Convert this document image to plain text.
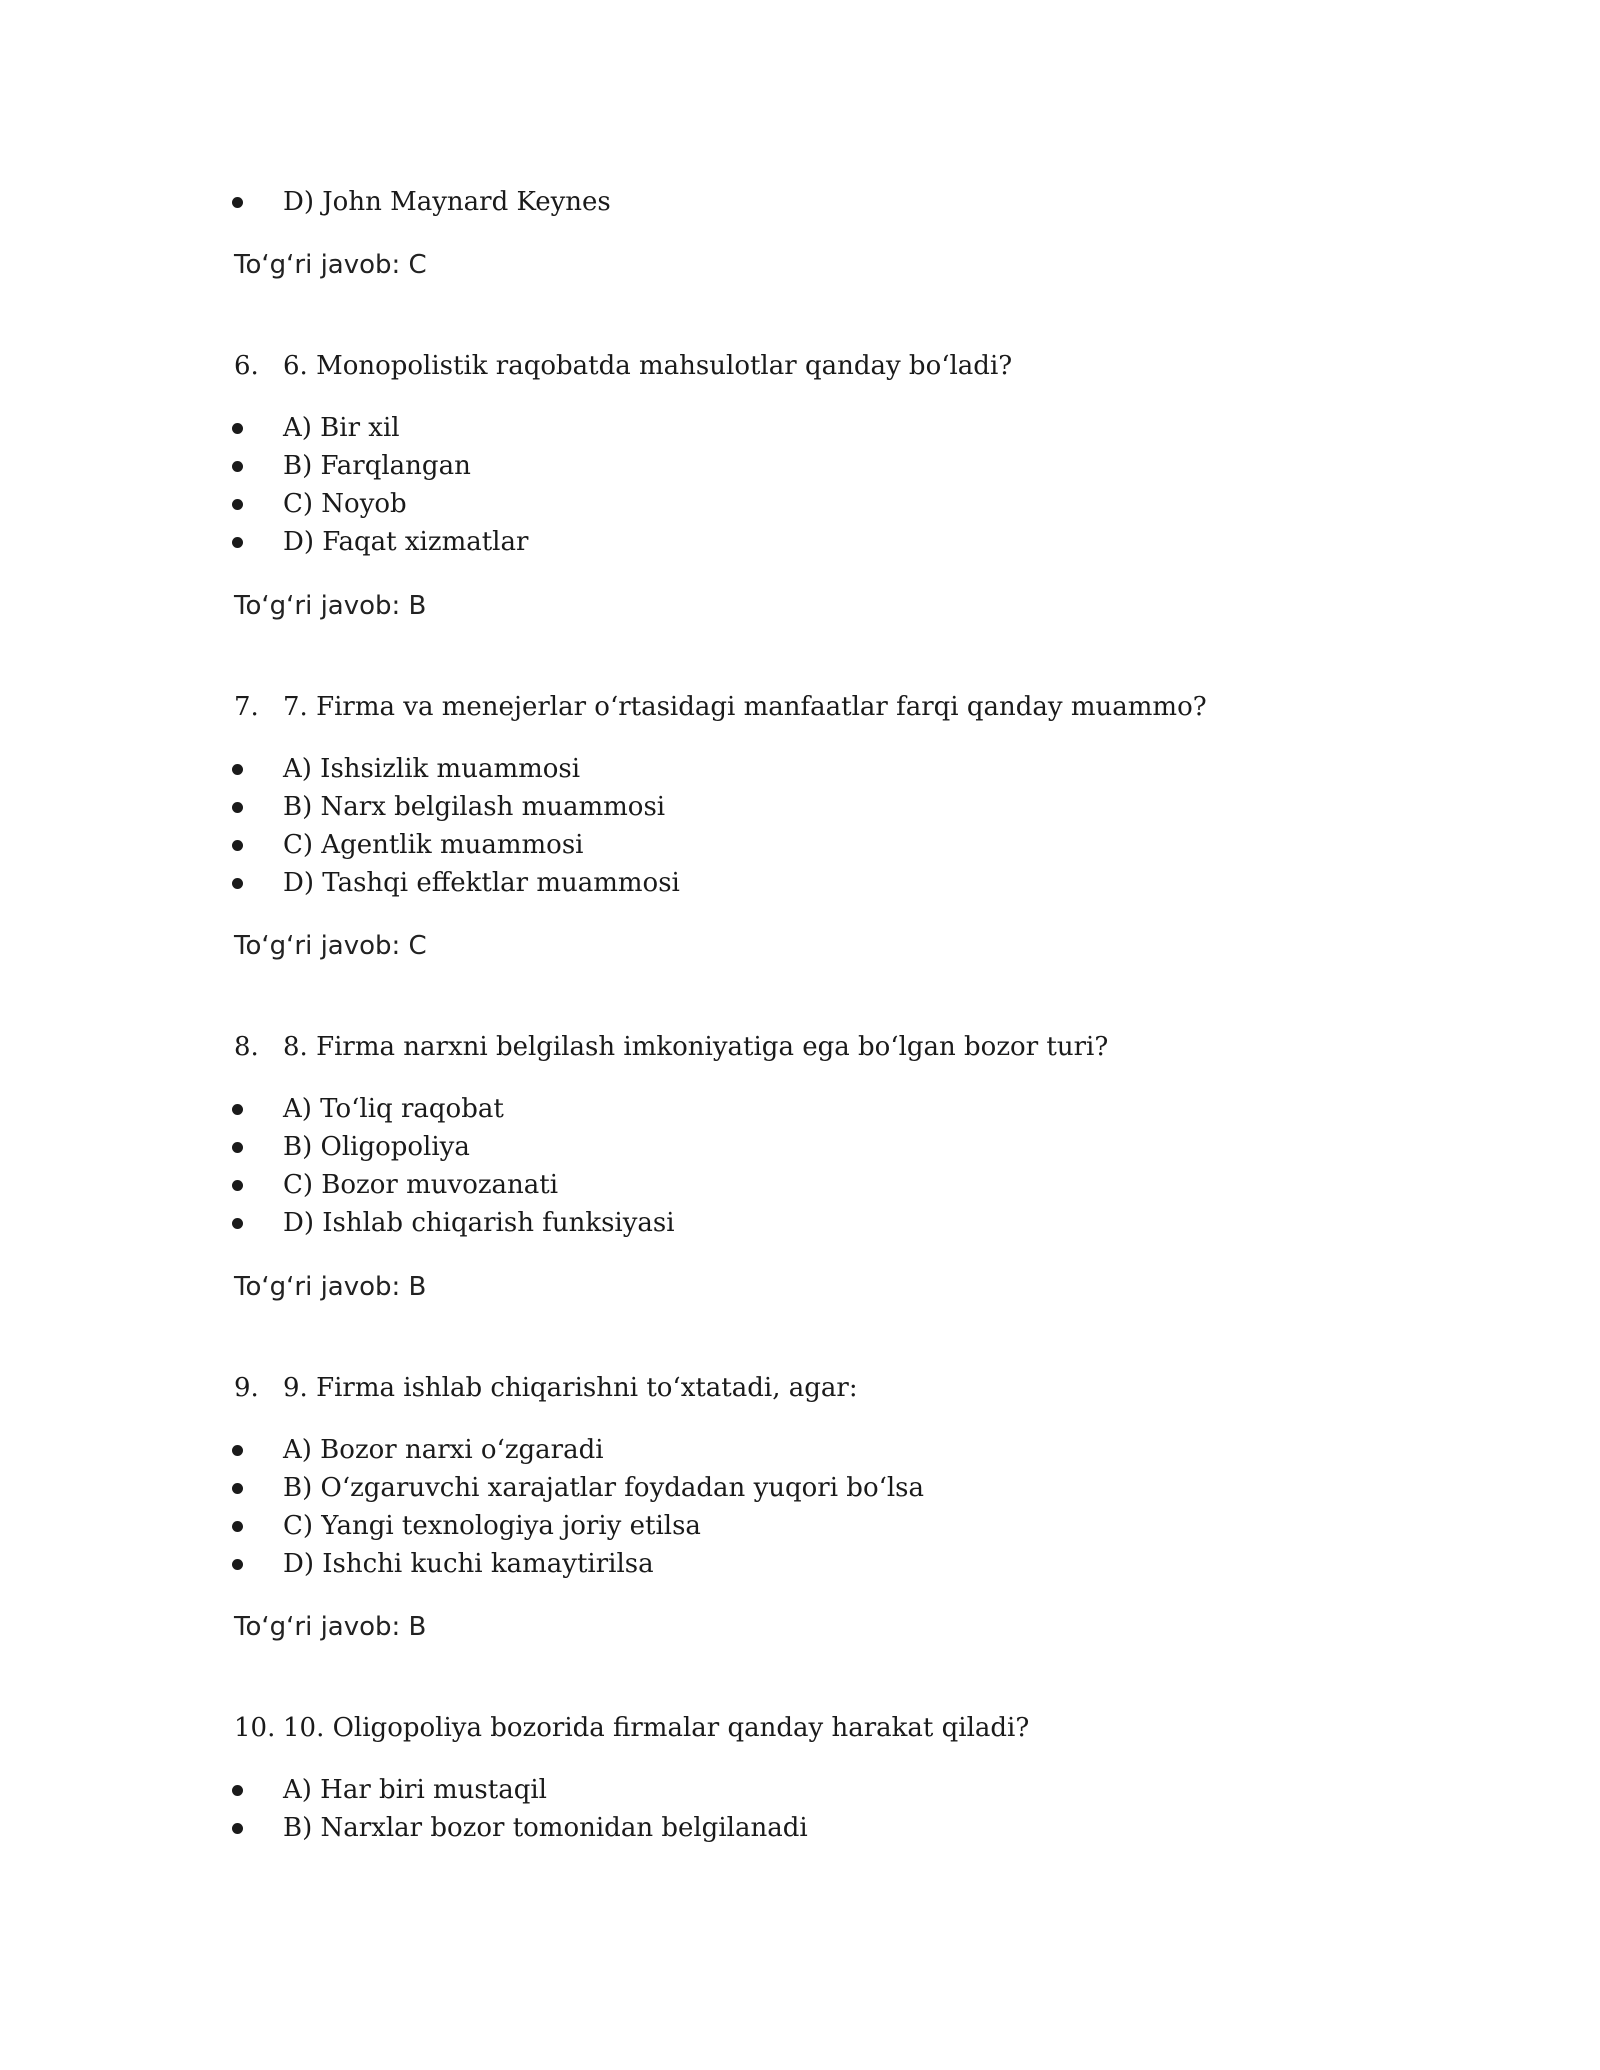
D) John Maynard Keynes
To‘g‘ri javob: C
6. 6. Monopolistik raqobatda mahsulotlar qanday bo‘ladi?
A) Bir xil
B) Farqlangan
C) Noyob
D) Faqat xizmatlar
To‘g‘ri javob: B
7. 7. Firma va menejerlar o‘rtasidagi manfaatlar farqi qanday muammo?
A) Ishsizlik muammosi
B) Narx belgilash muammosi
C) Agentlik muammosi
D) Tashqi effektlar muammosi
To‘g‘ri javob: C
8. 8. Firma narxni belgilash imkoniyatiga ega bo‘lgan bozor turi?
A) To‘liq raqobat
B) Oligopoliya
C) Bozor muvozanati
D) Ishlab chiqarish funksiyasi
To‘g‘ri javob: B
9. 9. Firma ishlab chiqarishni to‘xtatadi, agar:
A) Bozor narxi o‘zgaradi
B) O‘zgaruvchi xarajatlar foydadan yuqori bo‘lsa
C) Yangi texnologiya joriy etilsa
D) Ishchi kuchi kamaytirilsa
To‘g‘ri javob: B
10. 10. Oligopoliya bozorida firmalar qanday harakat qiladi?
A) Har biri mustaqil
B) Narxlar bozor tomonidan belgilanadi
